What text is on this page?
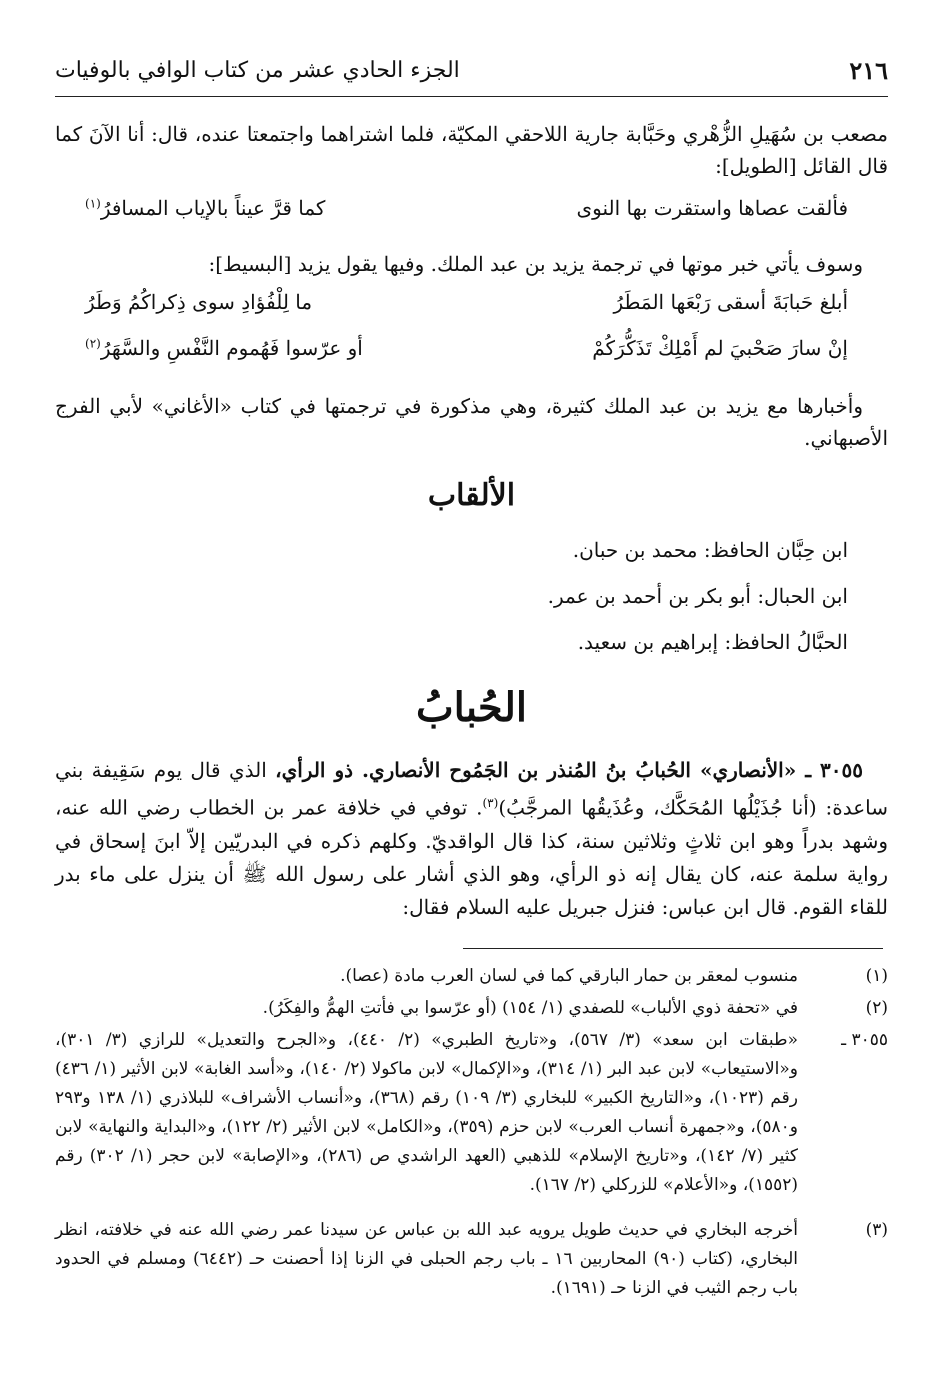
٢١٦
الجزء الحادي عشر من كتاب الوافي بالوفيات
مصعب بن سُهَيلِ الزُّهْري وحَبَّابة جارية اللاحقي المكيّة، فلما اشتراهما واجتمعتا عنده، قال: أنا الآنَ كما قال القائل [الطويل]:
فألقت عصاها واستقرت بها النوى
كما قرَّ عيناً بالإياب المسافرُ$^{(١)}$
وسوف يأتي خبر موتها في ترجمة يزيد بن عبد الملك. وفيها يقول يزيد [البسيط]:
أبلغ حَبابَةَ أسقى رَبْعَها المَطَرُ
ما لِلْفُؤادِ سوى ذِكراكُمُ وَطَرُ
إنْ سارَ صَحْبيَ لم أَمْلِكْ تَذَكُّرَكُمْ
أو عرّسوا فَهُموم النَّفْسِ والسَّهَرُ$^{(٢)}$
وأخبارها مع يزيد بن عبد الملك كثيرة، وهي مذكورة في ترجمتها في كتاب «الأغاني» لأبي الفرج الأصبهاني.
الألقاب
ابن حِبَّان الحافظ: محمد بن حبان.
ابن الحبال: أبو بكر بن أحمد بن عمر.
الحبَّالُ الحافظ: إبراهيم بن سعيد.
الحُبابُ
٣٠٥٥ ـ «الأنصاري» الحُبابُ بنُ المُنذر بن الجَمُوح الأنصاري. ذو الرأي، الذي قال يوم سَقِيفة بني ساعدة: (أنا جُذَيْلُها المُحَكَّك، وعُذَيقُها المرجَّبُ)$^{(٣)}$. توفي في خلافة عمر بن الخطاب رضي الله عنه، وشهد بدراً وهو ابن ثلاثٍ وثلاثين سنة، كذا قال الواقديّ. وكلهم ذكره في البدريّين إلاّ ابنَ إسحاق في رواية سلمة عنه، كان يقال إنه ذو الرأي، وهو الذي أشار على رسول الله ﷺ أن ينزل على ماء بدر للقاء القوم. قال ابن عباس: فنزل جبريل عليه السلام فقال:
(١)
منسوب لمعقر بن حمار البارقي كما في لسان العرب مادة (عصا).
(٢)
في «تحفة ذوي الألباب» للصفدي (١/ ١٥٤) (أو عرّسوا بي فأتتِ الهمُّ والفِكَرُ).
٣٠٥٥ ـ
«طبقات ابن سعد» (٣/ ٥٦٧)، و«تاريخ الطبري» (٢/ ٤٤٠)، و«الجرح والتعديل» للرازي (٣/ ٣٠١)، و«الاستيعاب» لابن عبد البر (١/ ٣١٤)، و«الإكمال» لابن ماكولا (٢/ ١٤٠)، و«أسد الغابة» لابن الأثير (١/ ٤٣٦) رقم (١٠٢٣)، و«التاريخ الكبير» للبخاري (٣/ ١٠٩) رقم (٣٦٨)، و«أنساب الأشراف» للبلاذري (١/ ١٣٨ و٢٩٣ و٥٨٠)، و«جمهرة أنساب العرب» لابن حزم (٣٥٩)، و«الكامل» لابن الأثير (٢/ ١٢٢)، و«البداية والنهاية» لابن كثير (٧/ ١٤٢)، و«تاريخ الإسلام» للذهبي (العهد الراشدي ص (٢٨٦)، و«الإصابة» لابن حجر (١/ ٣٠٢) رقم (١٥٥٢)، و«الأعلام» للزركلي (٢/ ١٦٧).
(٣)
أخرجه البخاري في حديث طويل يرويه عبد الله بن عباس عن سيدنا عمر رضي الله عنه في خلافته، انظر البخاري، (كتاب (٩٠) المحاربين ١٦ ـ باب رجم الحبلى في الزنا إذا أحصنت حـ (٦٤٤٢) ومسلم في الحدود باب رجم الثيب في الزنا حـ (١٦٩١).
